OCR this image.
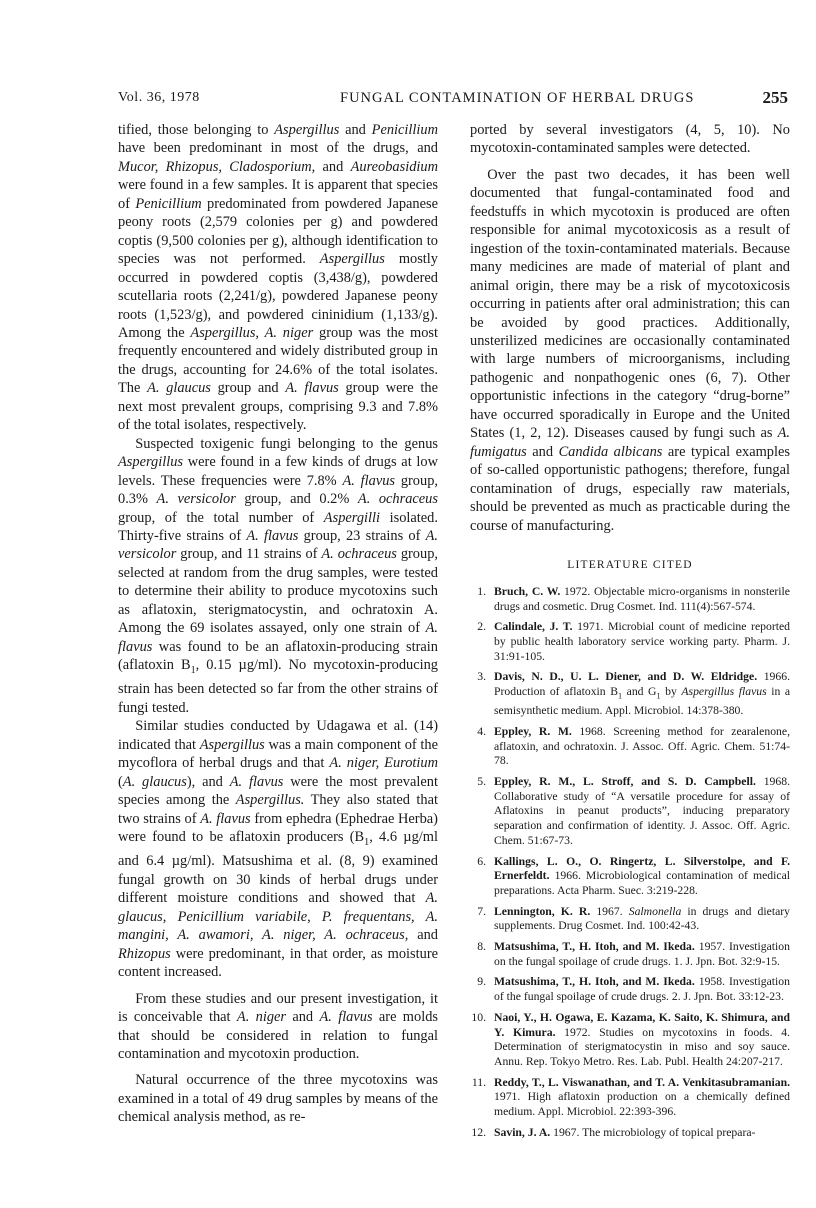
Vol. 36, 1978	FUNGAL CONTAMINATION OF HERBAL DRUGS	255

tified, those belonging to Aspergillus and Penicillium have been predominant in most of the drugs, and Mucor, Rhizopus, Cladosporium, and Aureobasidium were found in a few samples. It is apparent that species of Penicillium predominated from powdered Japanese peony roots (2,579 colonies per g) and powdered coptis (9,500 colonies per g), although identification to species was not performed. Aspergillus mostly occurred in powdered coptis (3,438/g), powdered scutellaria roots (2,241/g), powdered Japanese peony roots (1,523/g), and powdered cininidium (1,133/g). Among the Aspergillus, A. niger group was the most frequently encountered and widely distributed group in the drugs, accounting for 24.6% of the total isolates. The A. glaucus group and A. flavus group were the next most prevalent groups, comprising 9.3 and 7.8% of the total isolates, respectively.

Suspected toxigenic fungi belonging to the genus Aspergillus were found in a few kinds of drugs at low levels. These frequencies were 7.8% A. flavus group, 0.3% A. versicolor group, and 0.2% A. ochraceus group, of the total number of Aspergilli isolated. Thirty-five strains of A. flavus group, 23 strains of A. versicolor group, and 11 strains of A. ochraceus group, selected at random from the drug samples, were tested to determine their ability to produce mycotoxins such as aflatoxin, sterigmatocystin, and ochratoxin A. Among the 69 isolates assayed, only one strain of A. flavus was found to be an aflatoxin-producing strain (aflatoxin $B_1$, 0.15 µg/ml). No mycotoxin-producing strain has been detected so far from the other strains of fungi tested.

Similar studies conducted by Udagawa et al. (14) indicated that Aspergillus was a main component of the mycoflora of herbal drugs and that A. niger, Eurotium (A. glaucus), and A. flavus were the most prevalent species among the Aspergillus. They also stated that two strains of A. flavus from ephedra (Ephedrae Herba) were found to be aflatoxin producers ($B_1$, 4.6 µg/ml and 6.4 µg/ml). Matsushima et al. (8, 9) examined fungal growth on 30 kinds of herbal drugs under different moisture conditions and showed that A. glaucus, Penicillium variabile, P. frequentans, A. mangini, A. awamori, A. niger, A. ochraceus, and Rhizopus were predominant, in that order, as moisture content increased.

From these studies and our present investigation, it is conceivable that A. niger and A. flavus are molds that should be considered in relation to fungal contamination and mycotoxin production.

Natural occurrence of the three mycotoxins was examined in a total of 49 drug samples by means of the chemical analysis method, as re-

ported by several investigators (4, 5, 10). No mycotoxin-contaminated samples were detected.

Over the past two decades, it has been well documented that fungal-contaminated food and feedstuffs in which mycotoxin is produced are often responsible for animal mycotoxicosis as a result of ingestion of the toxin-contaminated materials. Because many medicines are made of material of plant and animal origin, there may be a risk of mycotoxicosis occurring in patients after oral administration; this can be avoided by good practices. Additionally, unsterilized medicines are occasionally contaminated with large numbers of microorganisms, including pathogenic and nonpathogenic ones (6, 7). Other opportunistic infections in the category “drug-borne” have occurred sporadically in Europe and the United States (1, 2, 12). Diseases caused by fungi such as A. fumigatus and Candida albicans are typical examples of so-called opportunistic pathogens; therefore, fungal contamination of drugs, especially raw materials, should be prevented as much as practicable during the course of manufacturing.

LITERATURE CITED
1. Bruch, C. W. 1972. Objectable micro-organisms in nonsterile drugs and cosmetic. Drug Cosmet. Ind. 111(4):567-574.
2. Calindale, J. T. 1971. Microbial count of medicine reported by public health laboratory service working party. Pharm. J. 31:91-105.
3. Davis, N. D., U. L. Diener, and D. W. Eldridge. 1966. Production of aflatoxin $B_1$ and $G_1$ by Aspergillus flavus in a semisynthetic medium. Appl. Microbiol. 14:378-380.
4. Eppley, R. M. 1968. Screening method for zearalenone, aflatoxin, and ochratoxin. J. Assoc. Off. Agric. Chem. 51:74-78.
5. Eppley, R. M., L. Stroff, and S. D. Campbell. 1968. Collaborative study of “A versatile procedure for assay of Aflatoxins in peanut products”, inducing preparatory separation and confirmation of identity. J. Assoc. Off. Agric. Chem. 51:67-73.
6. Kallings, L. O., O. Ringertz, L. Silverstolpe, and F. Ernerfeldt. 1966. Microbiological contamination of medical preparations. Acta Pharm. Suec. 3:219-228.
7. Lennington, K. R. 1967. Salmonella in drugs and dietary supplements. Drug Cosmet. Ind. 100:42-43.
8. Matsushima, T., H. Itoh, and M. Ikeda. 1957. Investigation on the fungal spoilage of crude drugs. 1. J. Jpn. Bot. 32:9-15.
9. Matsushima, T., H. Itoh, and M. Ikeda. 1958. Investigation of the fungal spoilage of crude drugs. 2. J. Jpn. Bot. 33:12-23.
10. Naoi, Y., H. Ogawa, E. Kazama, K. Saito, K. Shimura, and Y. Kimura. 1972. Studies on mycotoxins in foods. 4. Determination of sterigmatocystin in miso and soy sauce. Annu. Rep. Tokyo Metro. Res. Lab. Publ. Health 24:207-217.
11. Reddy, T., L. Viswanathan, and T. A. Venkitasubramanian. 1971. High aflatoxin production on a chemically defined medium. Appl. Microbiol. 22:393-396.
12. Savin, J. A. 1967. The microbiology of topical prepara-
